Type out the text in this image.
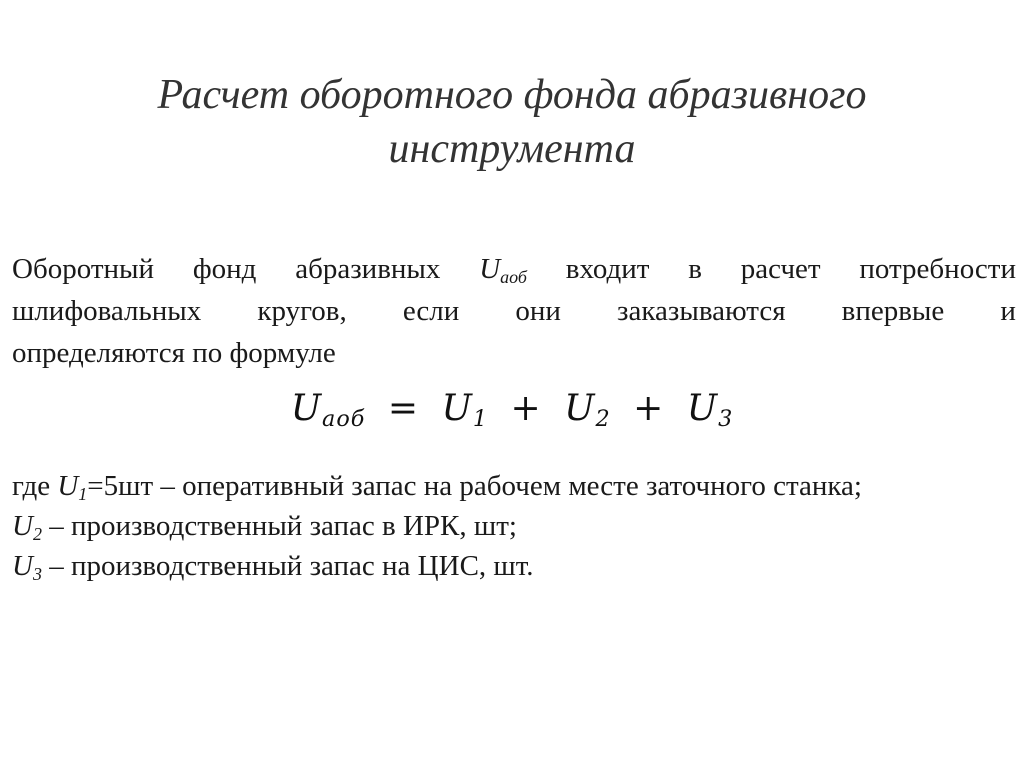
Расчет оборотного фонда абразивного
инструмента
Оборотный фонд абразивных $U_{аоб}$ входит в расчет потребности
шлифовальных кругов, если они заказываются впервые и
определяются по формуле
$U_{аоб} = U_1 + U_2 + U_3$
где $U_1=5шт$ – оперативный запас на рабочем месте заточного станка;
$U_2$ – производственный запас в ИРК, шт;
$U_3$ – производственный запас на ЦИС, шт.
